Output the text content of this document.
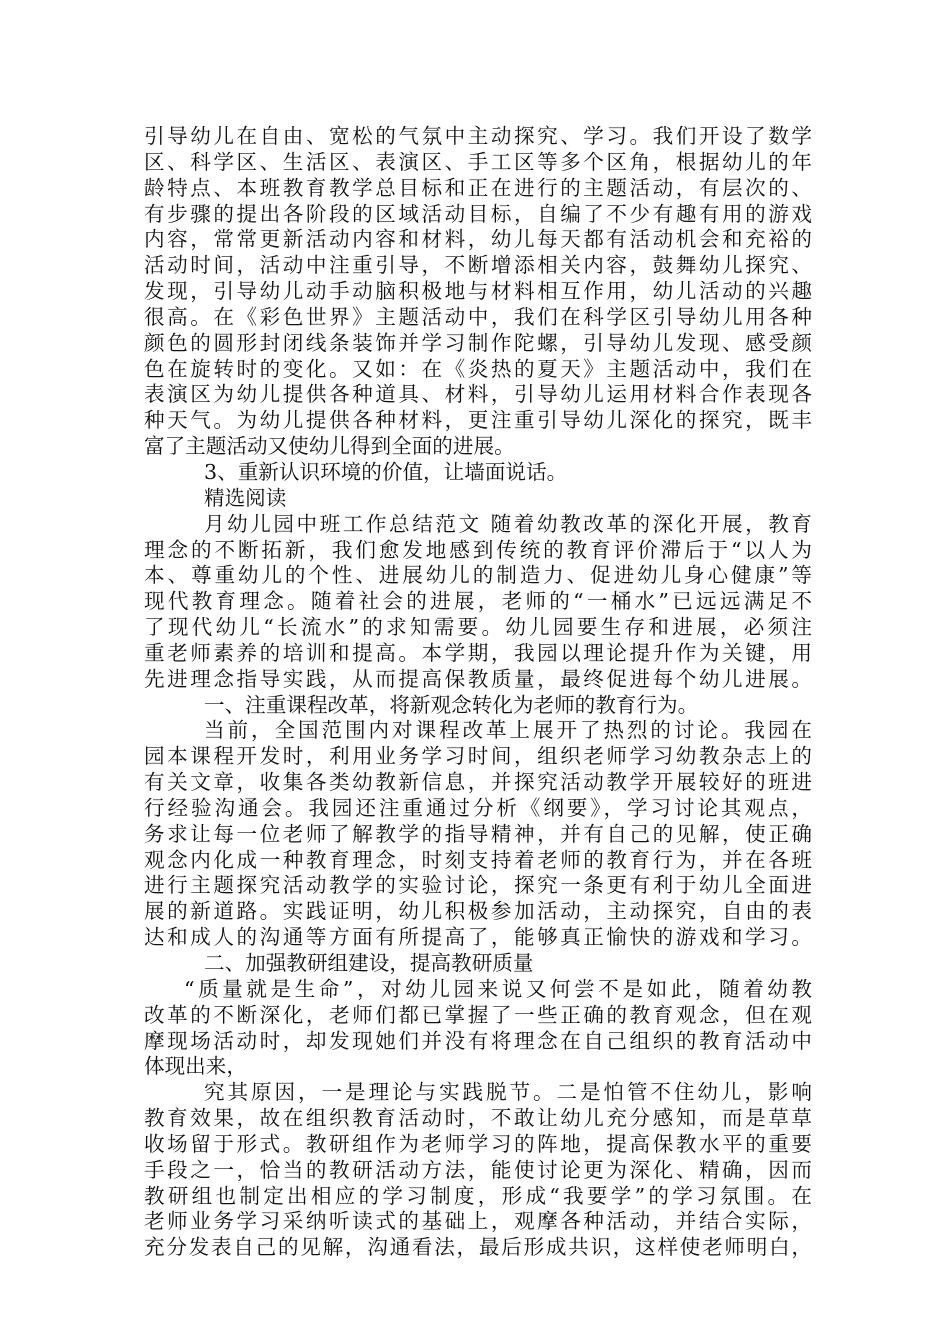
引导幼儿在自由、宽松的气氛中主动探究、学习。我们开设了数学
区、科学区、生活区、表演区、手工区等多个区角，根据幼儿的年
龄特点、本班教育教学总目标和正在进行的主题活动，有层次的、
有步骤的提出各阶段的区域活动目标，自编了不少有趣有用的游戏
内容，常常更新活动内容和材料，幼儿每天都有活动机会和充裕的
活动时间，活动中注重引导，不断增添相关内容，鼓舞幼儿探究、
发现，引导幼儿动手动脑积极地与材料相互作用，幼儿活动的兴趣
很高。在《彩色世界》主题活动中，我们在科学区引导幼儿用各种
颜色的圆形封闭线条装饰并学习制作陀螺，引导幼儿发现、感受颜
色在旋转时的变化。又如：在《炎热的夏天》主题活动中，我们在
表演区为幼儿提供各种道具、材料，引导幼儿运用材料合作表现各
种天气。为幼儿提供各种材料，更注重引导幼儿深化的探究，既丰
富了主题活动又使幼儿得到全面的进展。
3、重新认识环境的价值，让墙面说话。
精选阅读
月幼儿园中班工作总结范文 随着幼教改革的深化开展，教育
理念的不断拓新，我们愈发地感到传统的教育评价滞后于“以人为
本、尊重幼儿的个性、进展幼儿的制造力、促进幼儿身心健康”等
现代教育理念。随着社会的进展，老师的“一桶水”已远远满足不
了现代幼儿“长流水”的求知需要。幼儿园要生存和进展，必须注
重老师素养的培训和提高。本学期，我园以理论提升作为关键，用
先进理念指导实践，从而提高保教质量，最终促进每个幼儿进展。
一、注重课程改革，将新观念转化为老师的教育行为。
当前，全国范围内对课程改革上展开了热烈的讨论。我园在
园本课程开发时，利用业务学习时间，组织老师学习幼教杂志上的
有关文章，收集各类幼教新信息，并探究活动教学开展较好的班进
行经验沟通会。我园还注重通过分析《纲要》，学习讨论其观点，
务求让每一位老师了解教学的指导精神，并有自己的见解，使正确
观念内化成一种教育理念，时刻支持着老师的教育行为，并在各班
进行主题探究活动教学的实验讨论，探究一条更有利于幼儿全面进
展的新道路。实践证明，幼儿积极参加活动，主动探究，自由的表
达和成人的沟通等方面有所提高了，能够真正愉快的游戏和学习。
二、加强教研组建设，提高教研质量
“质量就是生命”，对幼儿园来说又何尝不是如此，随着幼教
改革的不断深化，老师们都已掌握了一些正确的教育观念，但在观
摩现场活动时，却发现她们并没有将理念在自己组织的教育活动中
体现出来，
究其原因，一是理论与实践脱节。二是怕管不住幼儿，影响
教育效果，故在组织教育活动时，不敢让幼儿充分感知，而是草草
收场留于形式。教研组作为老师学习的阵地，提高保教水平的重要
手段之一，恰当的教研活动方法，能使讨论更为深化、精确，因而
教研组也制定出相应的学习制度，形成“我要学”的学习氛围。在
老师业务学习采纳听读式的基础上，观摩各种活动，并结合实际，
充分发表自己的见解，沟通看法，最后形成共识，这样使老师明白，
